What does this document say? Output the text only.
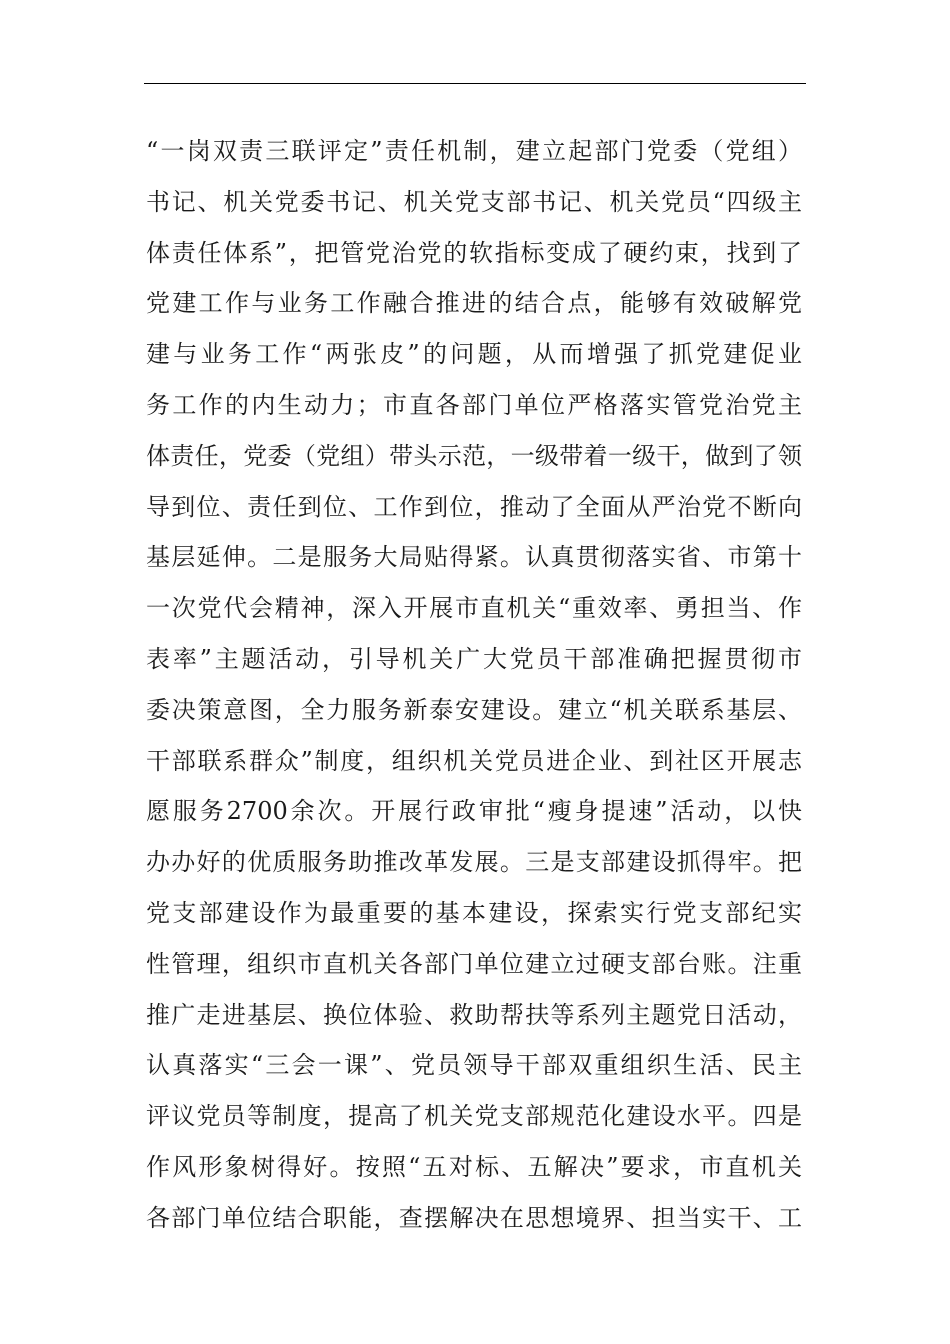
“一岗双责三联评定”责任机制，建立起部门党委（党组）
书记、机关党委书记、机关党支部书记、机关党员“四级主
体责任体系”，把管党治党的软指标变成了硬约束，找到了
党建工作与业务工作融合推进的结合点，能够有效破解党
建与业务工作“两张皮”的问题，从而增强了抓党建促业
务工作的内生动力；市直各部门单位严格落实管党治党主
体责任，党委（党组）带头示范，一级带着一级干，做到了领
导到位、责任到位、工作到位，推动了全面从严治党不断向
基层延伸。二是服务大局贴得紧。认真贯彻落实省、市第十
一次党代会精神，深入开展市直机关“重效率、勇担当、作
表率”主题活动，引导机关广大党员干部准确把握贯彻市
委决策意图，全力服务新泰安建设。建立“机关联系基层、
干部联系群众”制度，组织机关党员进企业、到社区开展志
愿服务2700余次。开展行政审批“瘦身提速”活动，以快
办办好的优质服务助推改革发展。三是支部建设抓得牢。把
党支部建设作为最重要的基本建设，探索实行党支部纪实
性管理，组织市直机关各部门单位建立过硬支部台账。注重
推广走进基层、换位体验、救助帮扶等系列主题党日活动，
认真落实“三会一课”、党员领导干部双重组织生活、民主
评议党员等制度，提高了机关党支部规范化建设水平。四是
作风形象树得好。按照“五对标、五解决”要求，市直机关
各部门单位结合职能，查摆解决在思想境界、担当实干、工
